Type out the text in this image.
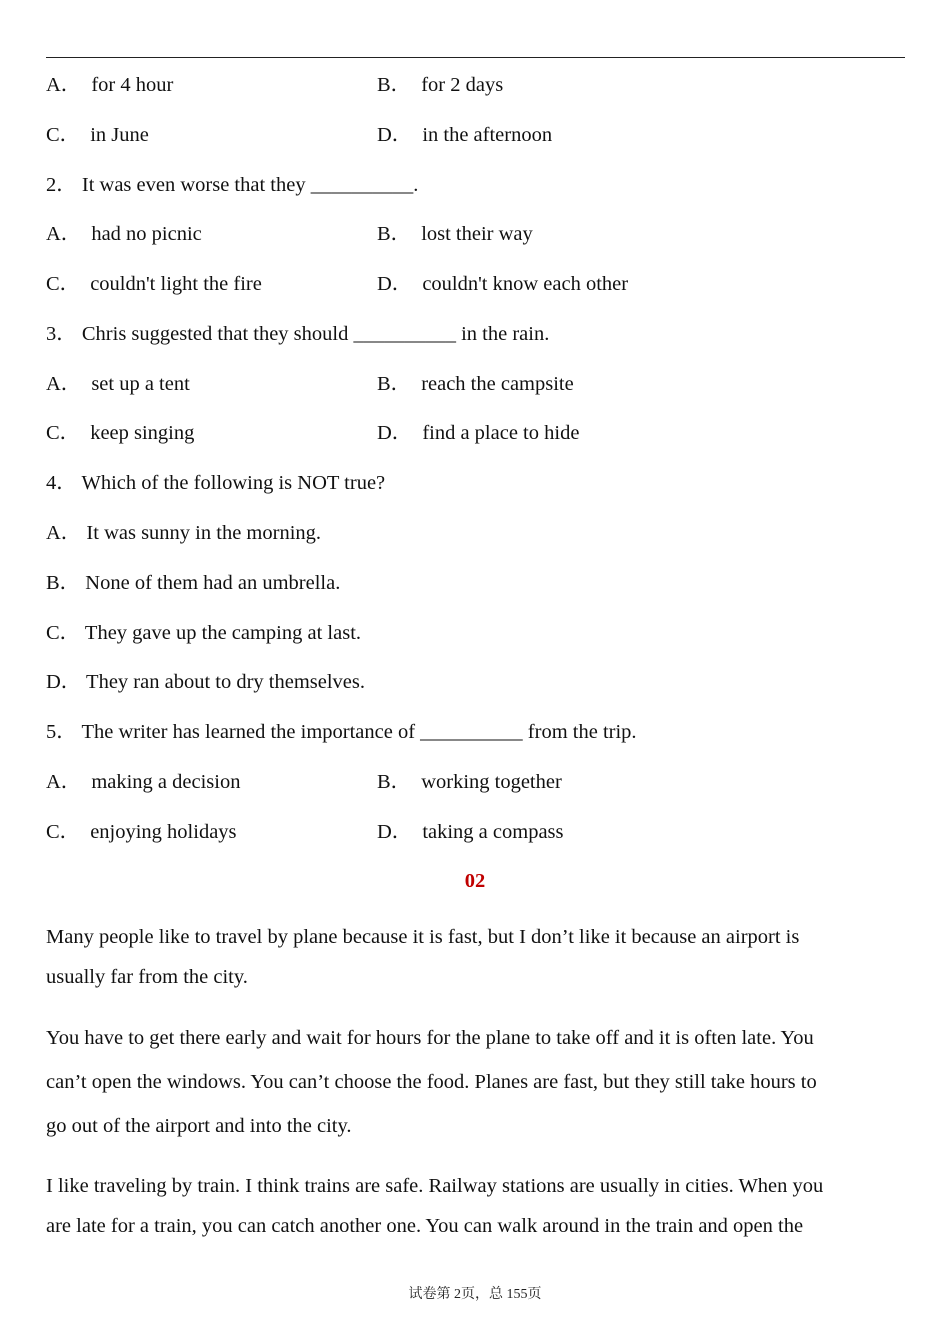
A． for 4 hour	B． for 2 days
C． in June	D． in the afternoon
2． It was even worse that they __________.
A． had no picnic	B． lost their way
C． couldn't light the fire	D． couldn't know each other
3． Chris suggested that they should __________ in the rain.
A． set up a tent	B． reach the campsite
C． keep singing	D． find a place to hide
4． Which of the following is NOT true?
A． It was sunny in the morning.
B． None of them had an umbrella.
C． They gave up the camping at last.
D． They ran about to dry themselves.
5． The writer has learned the importance of __________ from the trip.
A． making a decision	B． working together
C． enjoying holidays	D． taking a compass
02
Many people like to travel by plane because it is fast, but I don’t like it because an airport is
usually far from the city.
You have to get there early and wait for hours for the plane to take off and it is often late. You
can’t open the windows. You can’t choose the food. Planes are fast, but they still take hours to
go out of the airport and into the city.
I like traveling by train. I think trains are safe. Railway stations are usually in cities. When you
are late for a train, you can catch another one. You can walk around in the train and open the
试卷第 2页，总 155页
